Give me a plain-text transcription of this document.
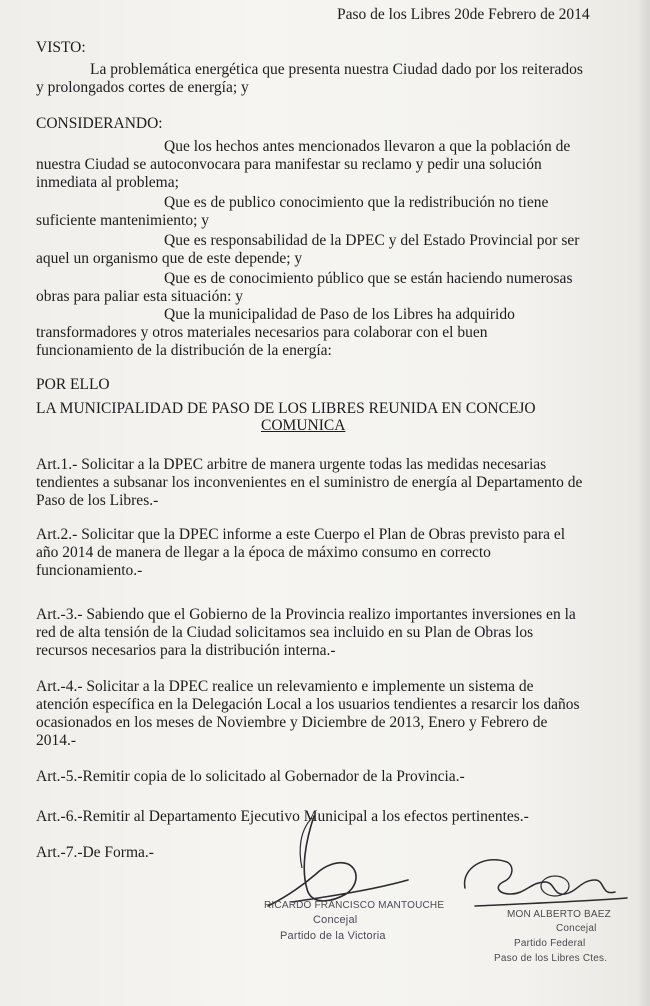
Paso de los Libres 20de Febrero de 2014
VISTO:
La problemática energética que presenta nuestra Ciudad dado por los reiterados
y prolongados cortes de energía; y
CONSIDERANDO:
Que los hechos antes mencionados llevaron a que la población de
nuestra Ciudad se autoconvocara para manifestar su reclamo y pedir una solución
inmediata al problema;
Que es de publico conocimiento que la redistribución no tiene
suficiente mantenimiento; y
Que es responsabilidad de la DPEC y del Estado Provincial por ser
aquel un organismo que de este depende; y
Que es de conocimiento público que se están haciendo numerosas
obras para paliar esta situación: y
Que la municipalidad de Paso de los Libres ha adquirido
transformadores y otros materiales necesarios para colaborar con el buen
funcionamiento de la distribución de la energía:
POR ELLO
LA MUNICIPALIDAD DE PASO DE LOS LIBRES REUNIDA EN CONCEJO
COMUNICA
Art.1.- Solicitar a la DPEC arbitre de manera urgente todas las medidas necesarias
tendientes a subsanar los inconvenientes en el suministro de energía al Departamento de
Paso de los Libres.-
Art.2.- Solicitar que la DPEC informe a este Cuerpo el Plan de Obras previsto para el
año 2014 de manera de llegar a la época de máximo consumo en correcto
funcionamiento.-
Art.-3.- Sabiendo que el Gobierno de la Provincia realizo importantes inversiones en la
red de alta tensión de la Ciudad solicitamos sea incluido en su Plan de Obras los
recursos necesarios para la distribución interna.-
Art.-4.- Solicitar a la DPEC realice un relevamiento e implemente un sistema de
atención específica en la Delegación Local a los usuarios tendientes a resarcir los daños
ocasionados en los meses de Noviembre y Diciembre de 2013, Enero y Febrero de
2014.-
Art.-5.-Remitir copia de lo solicitado al Gobernador de la Provincia.-
Art.-6.-Remitir al Departamento Ejecutivo Municipal a los efectos pertinentes.-
Art.-7.-De Forma.-
RICARDO FRANCISCO MANTOUCHE
Concejal
Partido de la Victoria
MON ALBERTO BAEZ
Concejal
Partido Federal
Paso de los Libres Ctes.
